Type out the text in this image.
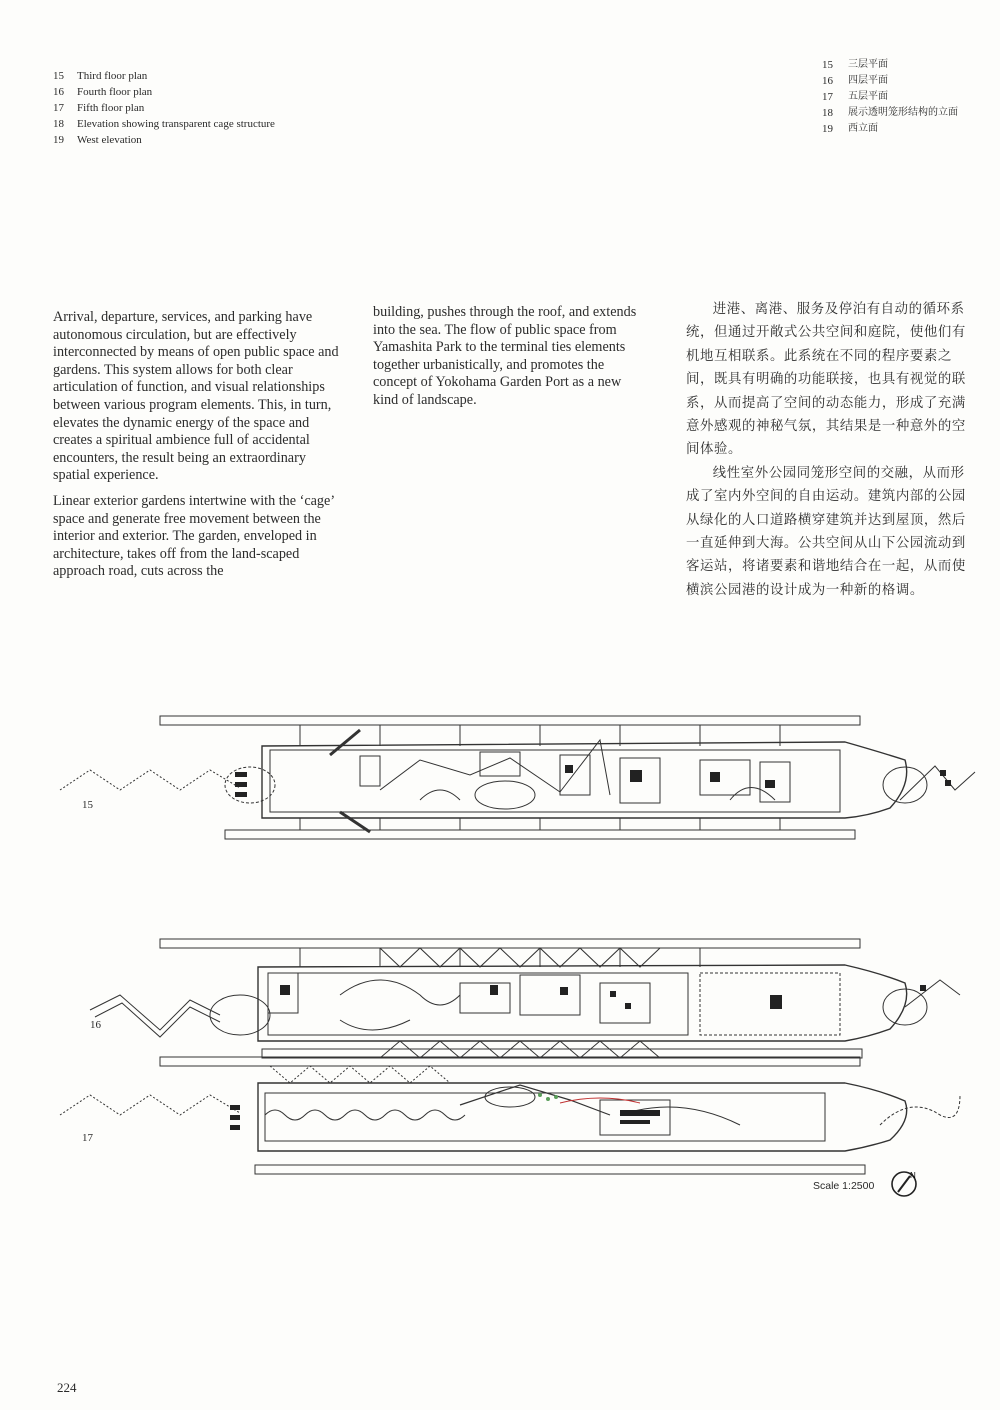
15	Third floor plan
16	Fourth floor plan
17	Fifth floor plan
18	Elevation showing transparent cage structure
19	West elevation
15	三层平面
16	四层平面
17	五层平面
18	展示透明笼形结构的立面
19	西立面

Arrival, departure, services, and parking have autonomous circulation, but are effectively interconnected by means of open public space and gardens. This system allows for both clear articulation of function, and visual relationships between various program elements. This, in turn, elevates the dynamic energy of the space and creates a spiritual ambience full of accidental encounters, the result being an extraordinary spatial experience.

Linear exterior gardens intertwine with the ‘cage’ space and generate free movement between the interior and exterior. The garden, enveloped in architecture, takes off from the land-scaped approach road, cuts across the

building, pushes through the roof, and extends into the sea. The flow of public space from Yamashita Park to the terminal ties elements together urbanistically, and promotes the concept of Yokohama Garden Port as a new kind of landscape.

进港、离港、服务及停泊有自动的循环系统，但通过开敞式公共空间和庭院，使他们有机地互相联系。此系统在不同的程序要素之间，既具有明确的功能联接，也具有视觉的联系，从而提高了空间的动态能力，形成了充满意外感观的神秘气氛，其结果是一种意外的空间体验。

线性室外公园同笼形空间的交融，从而形成了室内外空间的自由运动。建筑内部的公园从绿化的人口道路横穿建筑并达到屋顶，然后一直延伸到大海。公共空间从山下公园流动到客运站，将诸要素和谐地结合在一起，从而使横滨公园港的设计成为一种新的格调。

15
16
17
Scale 1:2500
N
224
